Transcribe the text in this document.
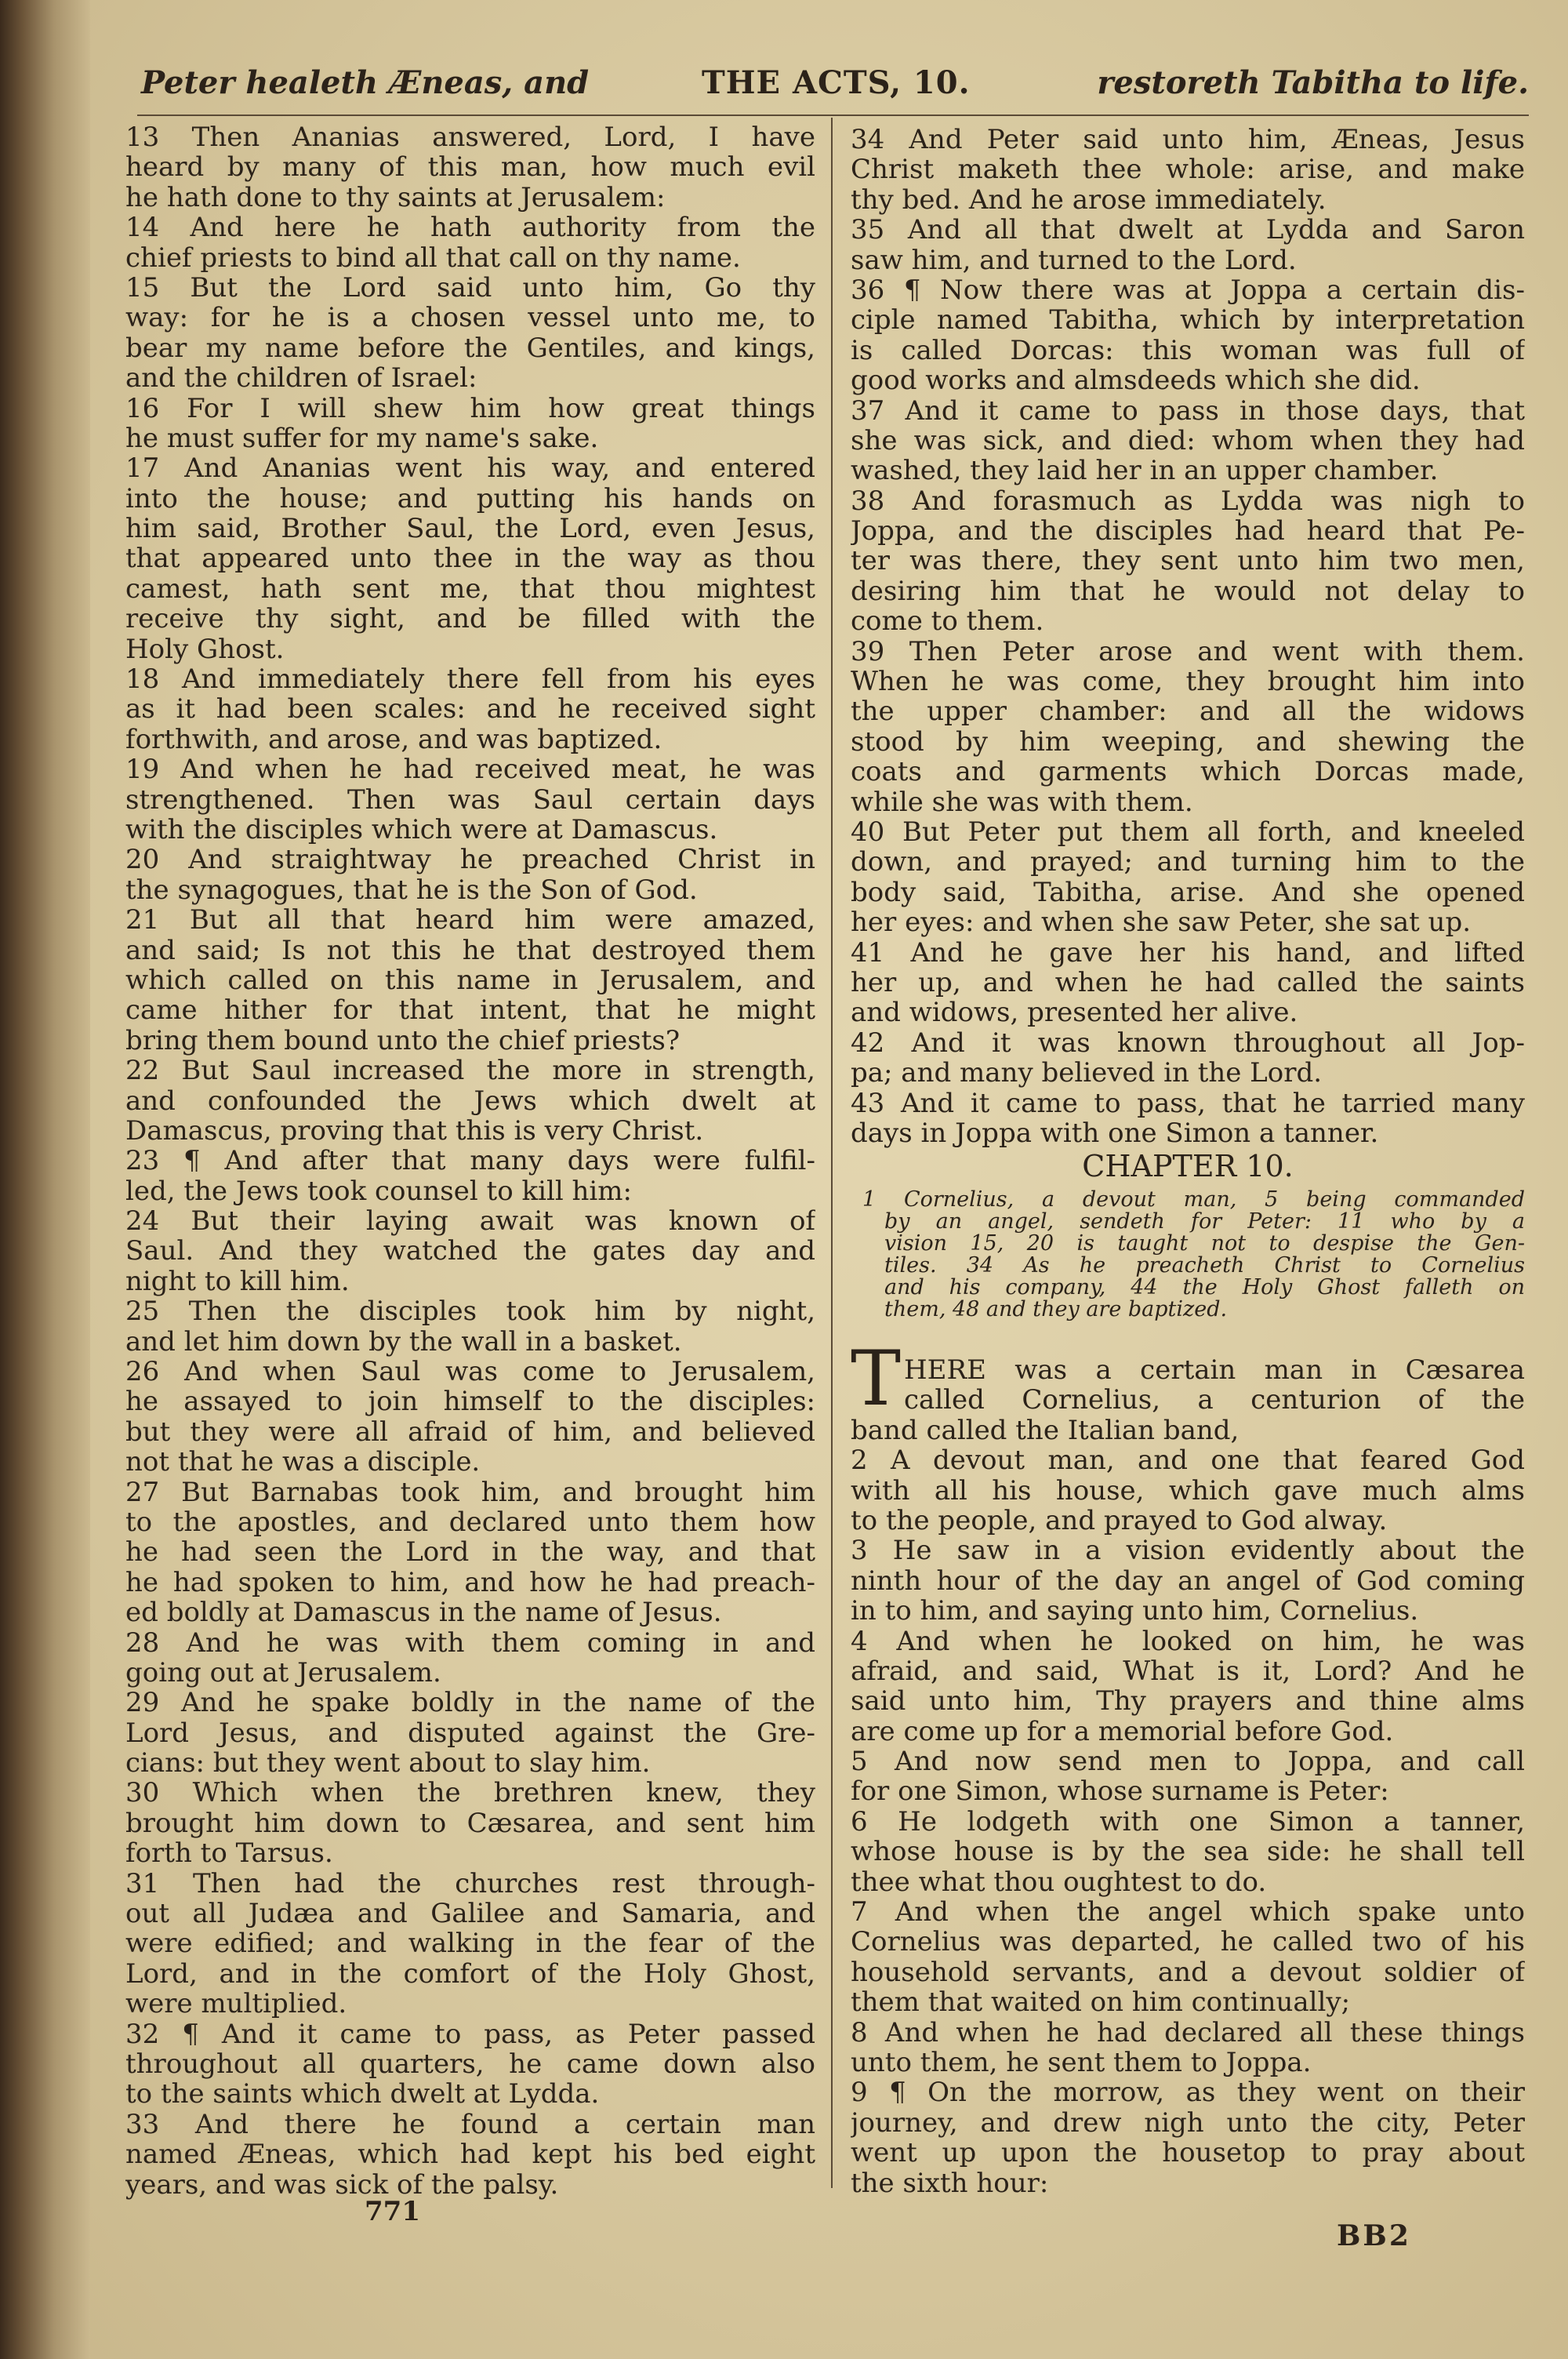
Peter healeth Æneas, and	THE ACTS, 10.	restoreth Tabitha to life.
13 Then Ananias answered, Lord, I have
heard by many of this man, how much evil
he hath done to thy saints at Jerusalem:
14 And here he hath authority from the
chief priests to bind all that call on thy name.
15 But the Lord said unto him, Go thy
way: for he is a chosen vessel unto me, to
bear my name before the Gentiles, and kings,
and the children of Israel:
16 For I will shew him how great things
he must suffer for my name's sake.
17 And Ananias went his way, and entered
into the house; and putting his hands on
him said, Brother Saul, the Lord, even Jesus,
that appeared unto thee in the way as thou
camest, hath sent me, that thou mightest
receive thy sight, and be filled with the
Holy Ghost.
18 And immediately there fell from his eyes
as it had been scales: and he received sight
forthwith, and arose, and was baptized.
19 And when he had received meat, he was
strengthened. Then was Saul certain days
with the disciples which were at Damascus.
20 And straightway he preached Christ in
the synagogues, that he is the Son of God.
21 But all that heard him were amazed,
and said; Is not this he that destroyed them
which called on this name in Jerusalem, and
came hither for that intent, that he might
bring them bound unto the chief priests?
22 But Saul increased the more in strength,
and confounded the Jews which dwelt at
Damascus, proving that this is very Christ.
23 ¶ And after that many days were fulfil-
led, the Jews took counsel to kill him:
24 But their laying await was known of
Saul. And they watched the gates day and
night to kill him.
25 Then the disciples took him by night,
and let him down by the wall in a basket.
26 And when Saul was come to Jerusalem,
he assayed to join himself to the disciples:
but they were all afraid of him, and believed
not that he was a disciple.
27 But Barnabas took him, and brought him
to the apostles, and declared unto them how
he had seen the Lord in the way, and that
he had spoken to him, and how he had preach-
ed boldly at Damascus in the name of Jesus.
28 And he was with them coming in and
going out at Jerusalem.
29 And he spake boldly in the name of the
Lord Jesus, and disputed against the Gre-
cians: but they went about to slay him.
30 Which when the brethren knew, they
brought him down to Cæsarea, and sent him
forth to Tarsus.
31 Then had the churches rest through-
out all Judæa and Galilee and Samaria, and
were edified; and walking in the fear of the
Lord, and in the comfort of the Holy Ghost,
were multiplied.
32 ¶ And it came to pass, as Peter passed
throughout all quarters, he came down also
to the saints which dwelt at Lydda.
33 And there he found a certain man
named Æneas, which had kept his bed eight
years, and was sick of the palsy.
34 And Peter said unto him, Æneas, Jesus
Christ maketh thee whole: arise, and make
thy bed. And he arose immediately.
35 And all that dwelt at Lydda and Saron
saw him, and turned to the Lord.
36 ¶ Now there was at Joppa a certain dis-
ciple named Tabitha, which by interpretation
is called Dorcas: this woman was full of
good works and almsdeeds which she did.
37 And it came to pass in those days, that
she was sick, and died: whom when they had
washed, they laid her in an upper chamber.
38 And forasmuch as Lydda was nigh to
Joppa, and the disciples had heard that Pe-
ter was there, they sent unto him two men,
desiring him that he would not delay to
come to them.
39 Then Peter arose and went with them.
When he was come, they brought him into
the upper chamber: and all the widows
stood by him weeping, and shewing the
coats and garments which Dorcas made,
while she was with them.
40 But Peter put them all forth, and kneeled
down, and prayed; and turning him to the
body said, Tabitha, arise. And she opened
her eyes: and when she saw Peter, she sat up.
41 And he gave her his hand, and lifted
her up, and when he had called the saints
and widows, presented her alive.
42 And it was known throughout all Jop-
pa; and many believed in the Lord.
43 And it came to pass, that he tarried many
days in Joppa with one Simon a tanner.
CHAPTER 10.
1 Cornelius, a devout man, 5 being commanded
by an angel, sendeth for Peter: 11 who by a
vision 15, 20 is taught not to despise the Gen-
tiles. 34 As he preacheth Christ to Cornelius
and his company, 44 the Holy Ghost falleth on
them, 48 and they are baptized.
T HERE was a certain man in Cæsarea
called Cornelius, a centurion of the
band called the Italian band,
2 A devout man, and one that feared God
with all his house, which gave much alms
to the people, and prayed to God alway.
3 He saw in a vision evidently about the
ninth hour of the day an angel of God coming
in to him, and saying unto him, Cornelius.
4 And when he looked on him, he was
afraid, and said, What is it, Lord? And he
said unto him, Thy prayers and thine alms
are come up for a memorial before God.
5 And now send men to Joppa, and call
for one Simon, whose surname is Peter:
6 He lodgeth with one Simon a tanner,
whose house is by the sea side: he shall tell
thee what thou oughtest to do.
7 And when the angel which spake unto
Cornelius was departed, he called two of his
household servants, and a devout soldier of
them that waited on him continually;
8 And when he had declared all these things
unto them, he sent them to Joppa.
9 ¶ On the morrow, as they went on their
journey, and drew nigh unto the city, Peter
went up upon the housetop to pray about
the sixth hour:
771
BB2
